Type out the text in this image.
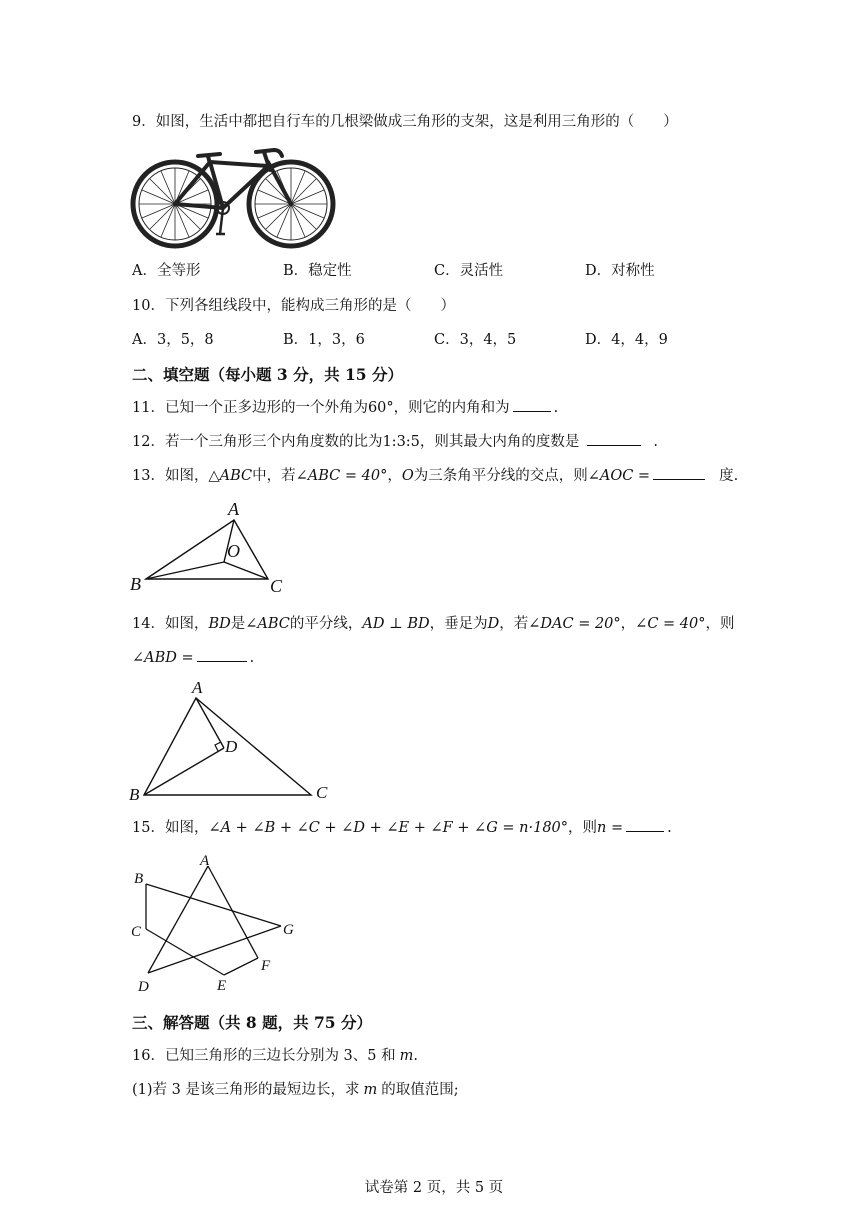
9．如图，生活中都把自行车的几根梁做成三角形的支架，这是利用三角形的（　　）
A．全等形	B．稳定性	C．灵活性	D．对称性
10．下列各组线段中，能构成三角形的是（　　）
A．3，5，8	B．1，3，6	C．3，4，5	D．4，4，9
二、填空题（每小题 3 分，共 15 分）
11．已知一个正多边形的一个外角为60°，则它的内角和为	.
12．若一个三角形三个内角度数的比为1:3:5，则其最大内角的度数是	.
13．如图，△ABC中，若∠ABC = 40°，O为三条角平分线的交点，则∠AOC =	度.
A
B	C
O
14．如图，BD是∠ABC的平分线，AD ⊥ BD，垂足为D，若∠DAC = 20°，∠C = 40°，则
∠ABD =	.
A
B	C
D
15．如图，∠A + ∠B + ∠C + ∠D + ∠E + ∠F + ∠G = n·180°，则n =	.
A
B
C
D	E
F
G
三、解答题（共 8 题，共 75 分）
16．已知三角形的三边长分别为 3、5 和 m.
(1)若 3 是该三角形的最短边长，求 m 的取值范围;
试卷第 2 页，共 5 页
